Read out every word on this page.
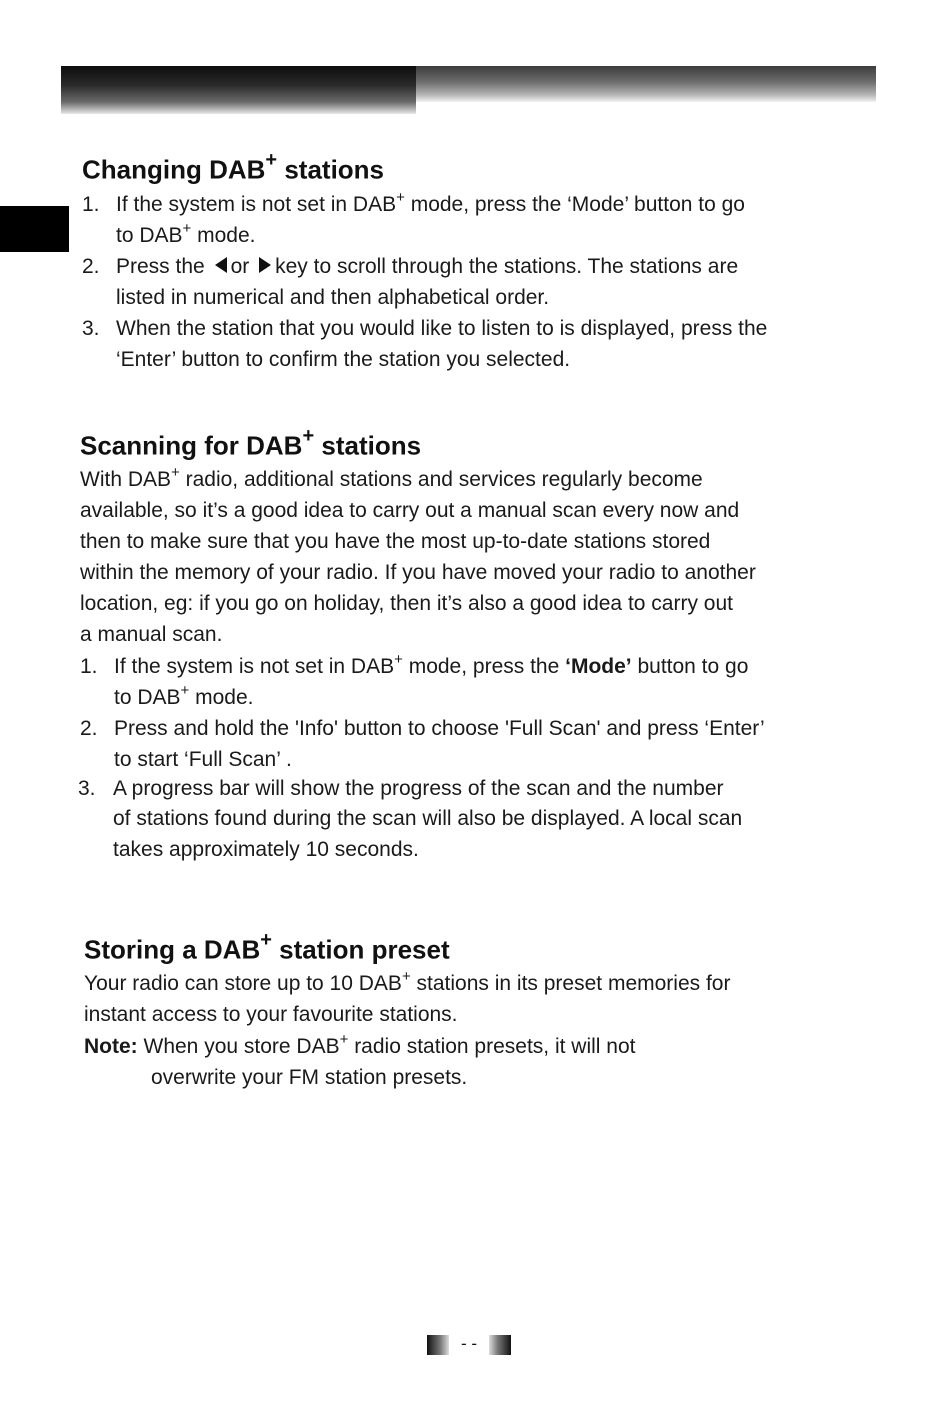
Changing DAB+ stations
1. If the system is not set in DAB+ mode, press the ‘Mode’ button to go

to DAB+ mode.

2. Press the or key to scroll through the stations. The stations are

listed in numerical and then alphabetical order.

3. When the station that you would like to listen to is displayed, press the

‘Enter’ button to confirm the station you selected.

Scanning for DAB+ stations

With DAB+ radio, additional stations and services regularly become

available, so it’s a good idea to carry out a manual scan every now and

then to make sure that you have the most up-to-date stations stored

within the memory of your radio. If you have moved your radio to another

location, eg: if you go on holiday, then it’s also a good idea to carry out

a manual scan.

1. If the system is not set in DAB+ mode, press the ‘Mode’ button to go

to DAB+ mode.

2. Press and hold the 'Info' button to choose 'Full Scan' and press ‘Enter’

to start ‘Full Scan’ .

3. A progress bar will show the progress of the scan and the number

of stations found during the scan will also be displayed. A local scan

takes approximately 10 seconds.

Storing a DAB+ station preset

Your radio can store up to 10 DAB+ stations in its preset memories for

instant access to your favourite stations.

Note: When you store DAB+ radio station presets, it will not

overwrite your FM station presets.

- -
